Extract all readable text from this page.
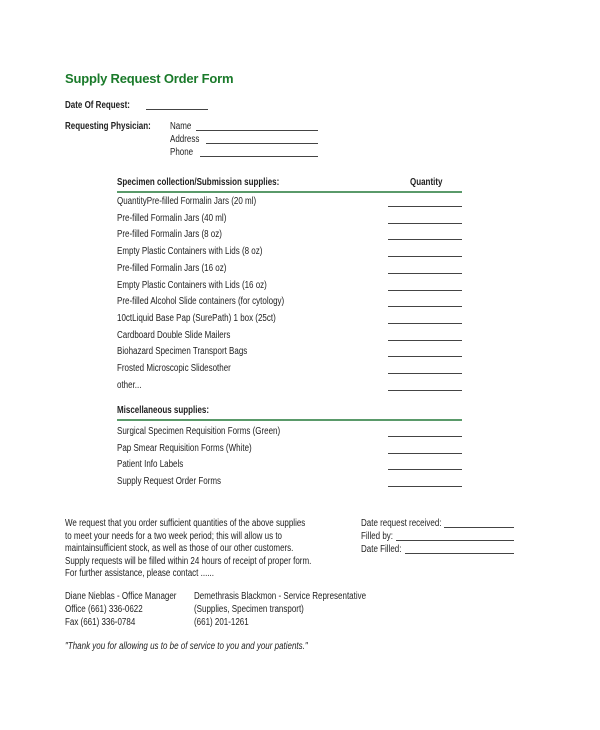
Supply Request Order Form
Date Of Request:
Requesting Physician: Name
Address
Phone
Specimen collection/Submission supplies:	Quantity
Miscellaneous supplies:
Date request received:
Filled by:
Date Filled:
"Thank you for allowing us to be of service to you and your patients."
QuantityPre-filled Formalin Jars (20 ml)
Pre-filled Formalin Jars (40 ml)
Pre-filled Formalin Jars (8 oz)
Empty Plastic Containers with Lids (8 oz)
Pre-filled Formalin Jars (16 oz)
Empty Plastic Containers with Lids (16 oz)
Pre-filled Alcohol Slide containers (for cytology)
10ctLiquid Base Pap (SurePath) 1 box (25ct)
Cardboard Double Slide Mailers
Biohazard Specimen Transport Bags
Frosted Microscopic Slidesother
other...
Surgical Specimen Requisition Forms (Green)
Pap Smear Requisition Forms (White)
Patient Info Labels
Supply Request Order Forms
We request that you order sufficient quantities of the above supplies
to meet your needs for a two week period; this will allow us to
maintainsufficient stock, as well as those of our other customers.
Supply requests will be filled within 24 hours of receipt of proper form.
For further assistance, please contact ......
Diane Nieblas - Office Manager
Office (661) 336-0622
Fax (661) 336-0784
Demethrasis Blackmon - Service Representative
(Supplies, Specimen transport)
(661) 201-1261
